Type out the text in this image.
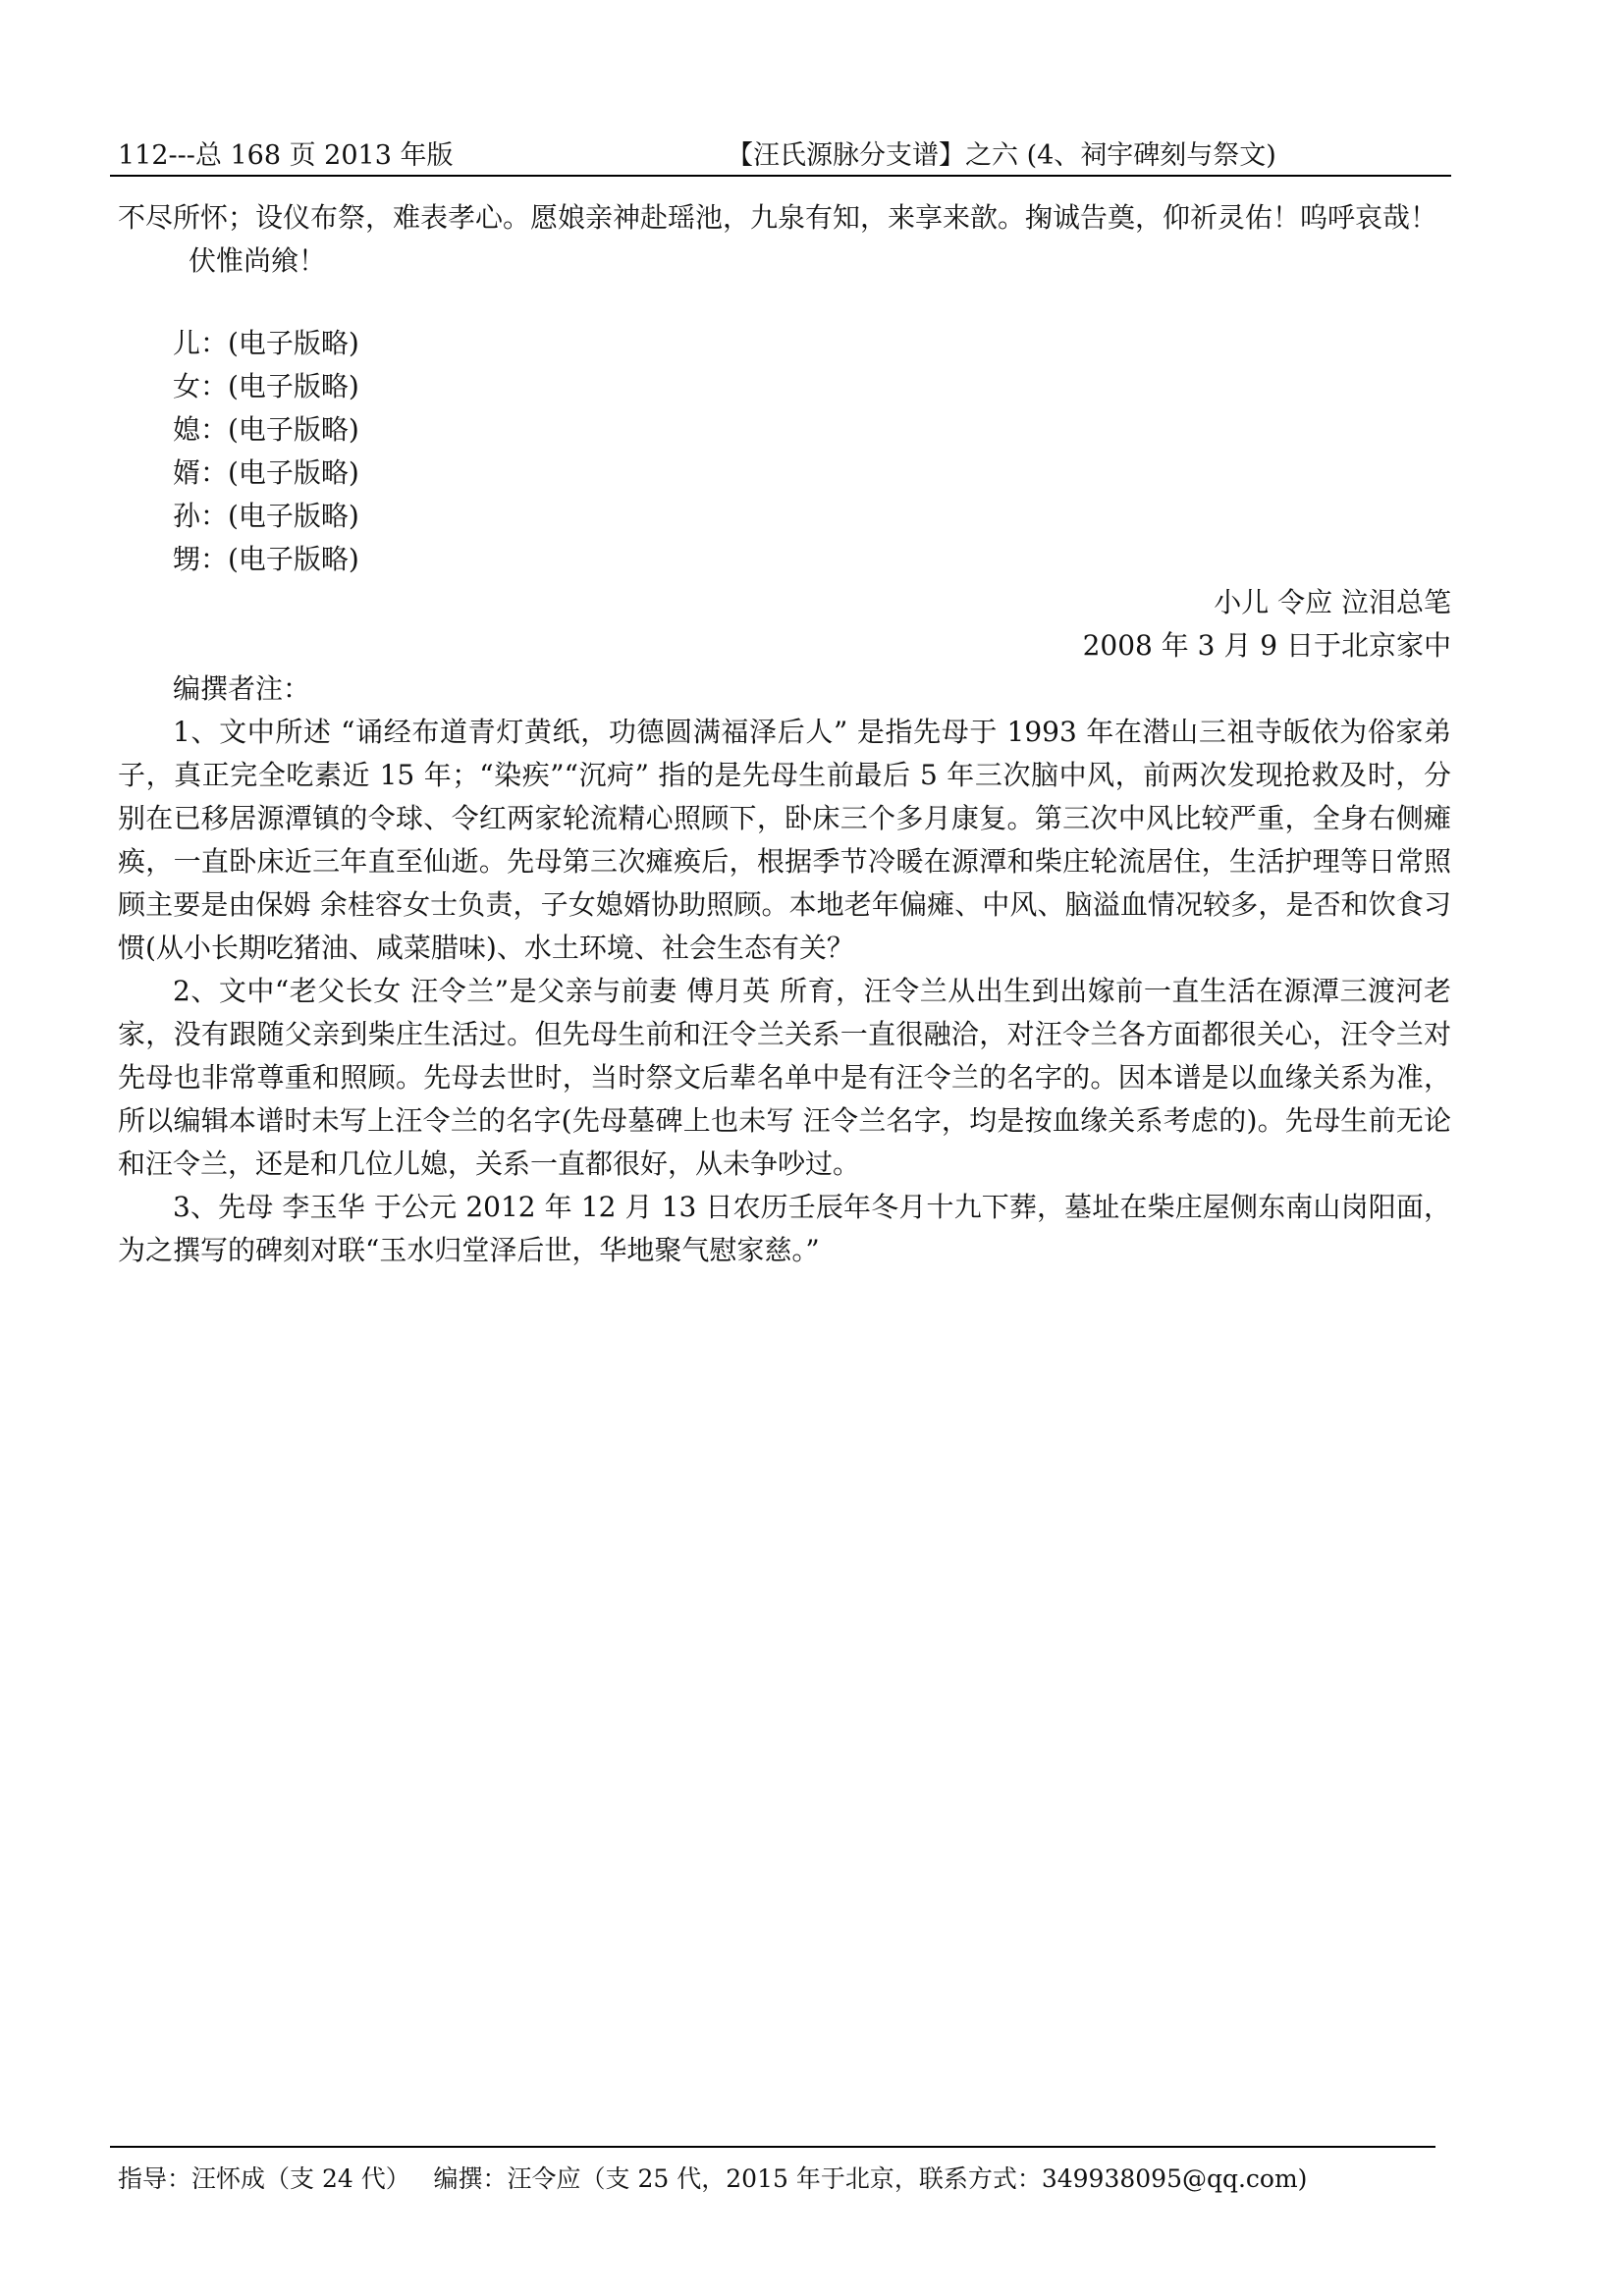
112---总 168 页 2013 年版	【汪氏源脉分支谱】之六 (4、祠宇碑刻与祭文)

不尽所怀；设仪布祭，难表孝心。愿娘亲神赴瑶池，九泉有知，来享来歆。掬诚告奠，仰祈灵佑！呜呼哀哉！

伏惟尚飨！

儿：(电子版略)

女：(电子版略)

媳：(电子版略)

婿：(电子版略)

孙：(电子版略)

甥：(电子版略)

小儿 令应 泣泪总笔

2008 年 3 月 9 日于北京家中

编撰者注：

1、文中所述 “诵经布道青灯黄纸，功德圆满福泽后人” 是指先母于 1993 年在潜山三祖寺皈依为俗家弟子，真正完全吃素近 15 年；“染疾”“沉疴” 指的是先母生前最后 5 年三次脑中风，前两次发现抢救及时，分别在已移居源潭镇的令球、令红两家轮流精心照顾下，卧床三个多月康复。第三次中风比较严重，全身右侧瘫痪，一直卧床近三年直至仙逝。先母第三次瘫痪后，根据季节冷暖在源潭和柴庄轮流居住，生活护理等日常照顾主要是由保姆 余桂容女士负责，子女媳婿协助照顾。本地老年偏瘫、中风、脑溢血情况较多，是否和饮食习惯(从小长期吃猪油、咸菜腊味)、水土环境、社会生态有关？

2、文中“老父长女 汪令兰”是父亲与前妻 傅月英 所育，汪令兰从出生到出嫁前一直生活在源潭三渡河老家，没有跟随父亲到柴庄生活过。但先母生前和汪令兰关系一直很融洽，对汪令兰各方面都很关心，汪令兰对先母也非常尊重和照顾。先母去世时，当时祭文后辈名单中是有汪令兰的名字的。因本谱是以血缘关系为准，所以编辑本谱时未写上汪令兰的名字(先母墓碑上也未写 汪令兰名字，均是按血缘关系考虑的)。先母生前无论和汪令兰，还是和几位儿媳，关系一直都很好，从未争吵过。

3、先母 李玉华 于公元 2012 年 12 月 13 日农历壬辰年冬月十九下葬，墓址在柴庄屋侧东南山岗阳面，为之撰写的碑刻对联“玉水归堂泽后世，华地聚气慰家慈。”

指导：汪怀成（支 24 代）   编撰：汪令应（支 25 代，2015 年于北京，联系方式：349938095@qq.com)
